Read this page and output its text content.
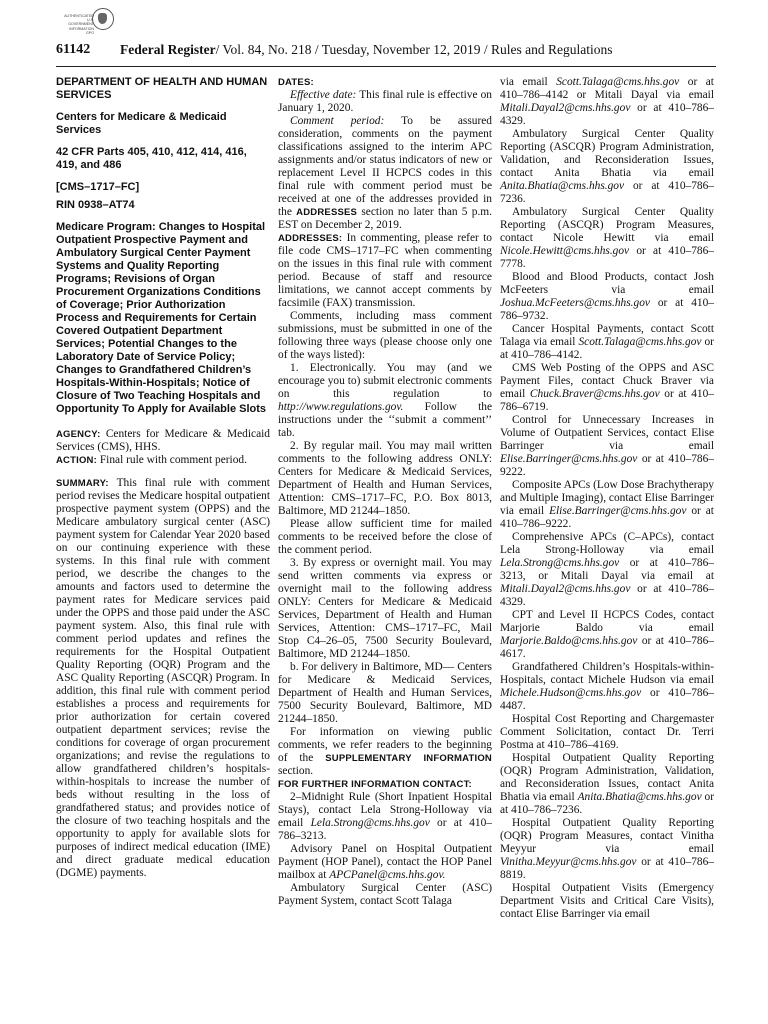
AUTHENTICATED
U.S. GOVERNMENT
INFORMATION
GPO
61142 Federal Register/ Vol. 84, No. 218 / Tuesday, November 12, 2019 / Rules and Regulations

DEPARTMENT OF HEALTH AND HUMAN SERVICES

Centers for Medicare & Medicaid Services

42 CFR Parts 405, 410, 412, 414, 416, 419, and 486

[CMS–1717–FC]

RIN 0938–AT74

Medicare Program: Changes to Hospital Outpatient Prospective Payment and Ambulatory Surgical Center Payment Systems and Quality Reporting Programs; Revisions of Organ Procurement Organizations Conditions of Coverage; Prior Authorization Process and Requirements for Certain Covered Outpatient Department Services; Potential Changes to the Laboratory Date of Service Policy; Changes to Grandfathered Children’s Hospitals-Within-Hospitals; Notice of Closure of Two Teaching Hospitals and Opportunity To Apply for Available Slots

AGENCY: Centers for Medicare & Medicaid Services (CMS), HHS.

ACTION: Final rule with comment period.

SUMMARY: This final rule with comment period revises the Medicare hospital outpatient prospective payment system (OPPS) and the Medicare ambulatory surgical center (ASC) payment system for Calendar Year 2020 based on our continuing experience with these systems. In this final rule with comment period, we describe the changes to the amounts and factors used to determine the payment rates for Medicare services paid under the OPPS and those paid under the ASC payment system. Also, this final rule with comment period updates and refines the requirements for the Hospital Outpatient Quality Reporting (OQR) Program and the ASC Quality Reporting (ASCQR) Program. In addition, this final rule with comment period establishes a process and requirements for prior authorization for certain covered outpatient department services; revise the conditions for coverage of organ procurement organizations; and revise the regulations to allow grandfathered children’s hospitals-within-hospitals to increase the number of beds without resulting in the loss of grandfathered status; and provides notice of the closure of two teaching hospitals and the opportunity to apply for available slots for purposes of indirect medical education (IME) and direct graduate medical education (DGME) payments.

DATES:

Effective date: This final rule is effective on January 1, 2020.

Comment period: To be assured consideration, comments on the payment classifications assigned to the interim APC assignments and/or status indicators of new or replacement Level II HCPCS codes in this final rule with comment period must be received at one of the addresses provided in the ADDRESSES section no later than 5 p.m. EST on December 2, 2019.

ADDRESSES: In commenting, please refer to file code CMS–1717–FC when commenting on the issues in this final rule with comment period. Because of staff and resource limitations, we cannot accept comments by facsimile (FAX) transmission.

Comments, including mass comment submissions, must be submitted in one of the following three ways (please choose only one of the ways listed):

1. Electronically. You may (and we encourage you to) submit electronic comments on this regulation to http://www.regulations.gov. Follow the instructions under the ‘‘submit a comment’’ tab.

2. By regular mail. You may mail written comments to the following address ONLY: Centers for Medicare & Medicaid Services, Department of Health and Human Services, Attention: CMS–1717–FC, P.O. Box 8013, Baltimore, MD 21244–1850.

Please allow sufficient time for mailed comments to be received before the close of the comment period.

3. By express or overnight mail. You may send written comments via express or overnight mail to the following address ONLY: Centers for Medicare & Medicaid Services, Department of Health and Human Services, Attention: CMS–1717–FC, Mail Stop C4–26–05, 7500 Security Boulevard, Baltimore, MD 21244–1850.

b. For delivery in Baltimore, MD— Centers for Medicare & Medicaid Services, Department of Health and Human Services, 7500 Security Boulevard, Baltimore, MD 21244–1850.

For information on viewing public comments, we refer readers to the beginning of the SUPPLEMENTARY INFORMATION section.

FOR FURTHER INFORMATION CONTACT:

2–Midnight Rule (Short Inpatient Hospital Stays), contact Lela Strong-Holloway via email Lela.Strong@cms.hhs.gov or at 410–786–3213.

Advisory Panel on Hospital Outpatient Payment (HOP Panel), contact the HOP Panel mailbox at APCPanel@cms.hhs.gov.

Ambulatory Surgical Center (ASC) Payment System, contact Scott Talaga

via email Scott.Talaga@cms.hhs.gov or at 410–786–4142 or Mitali Dayal via email Mitali.Dayal2@cms.hhs.gov or at 410–786–4329.

Ambulatory Surgical Center Quality Reporting (ASCQR) Program Administration, Validation, and Reconsideration Issues, contact Anita Bhatia via email Anita.Bhatia@cms.hhs.gov or at 410–786–7236.

Ambulatory Surgical Center Quality Reporting (ASCQR) Program Measures, contact Nicole Hewitt via email Nicole.Hewitt@cms.hhs.gov or at 410–786–7778.

Blood and Blood Products, contact Josh McFeeters via email Joshua.McFeeters@cms.hhs.gov or at 410–786–9732.

Cancer Hospital Payments, contact Scott Talaga via email Scott.Talaga@cms.hhs.gov or at 410–786–4142.

CMS Web Posting of the OPPS and ASC Payment Files, contact Chuck Braver via email Chuck.Braver@cms.hhs.gov or at 410–786–6719.

Control for Unnecessary Increases in Volume of Outpatient Services, contact Elise Barringer via email Elise.Barringer@cms.hhs.gov or at 410–786–9222.

Composite APCs (Low Dose Brachytherapy and Multiple Imaging), contact Elise Barringer via email Elise.Barringer@cms.hhs.gov or at 410–786–9222.

Comprehensive APCs (C–APCs), contact Lela Strong-Holloway via email Lela.Strong@cms.hhs.gov or at 410–786–3213, or Mitali Dayal via email at Mitali.Dayal2@cms.hhs.gov or at 410–786–4329.

CPT and Level II HCPCS Codes, contact Marjorie Baldo via email Marjorie.Baldo@cms.hhs.gov or at 410–786–4617.

Grandfathered Children’s Hospitals-within-Hospitals, contact Michele Hudson via email Michele.Hudson@cms.hhs.gov or 410–786–4487.

Hospital Cost Reporting and Chargemaster Comment Solicitation, contact Dr. Terri Postma at 410–786–4169.

Hospital Outpatient Quality Reporting (OQR) Program Administration, Validation, and Reconsideration Issues, contact Anita Bhatia via email Anita.Bhatia@cms.hhs.gov or at 410–786–7236.

Hospital Outpatient Quality Reporting (OQR) Program Measures, contact Vinitha Meyyur via email Vinitha.Meyyur@cms.hhs.gov or at 410–786–8819.

Hospital Outpatient Visits (Emergency Department Visits and Critical Care Visits), contact Elise Barringer via email
